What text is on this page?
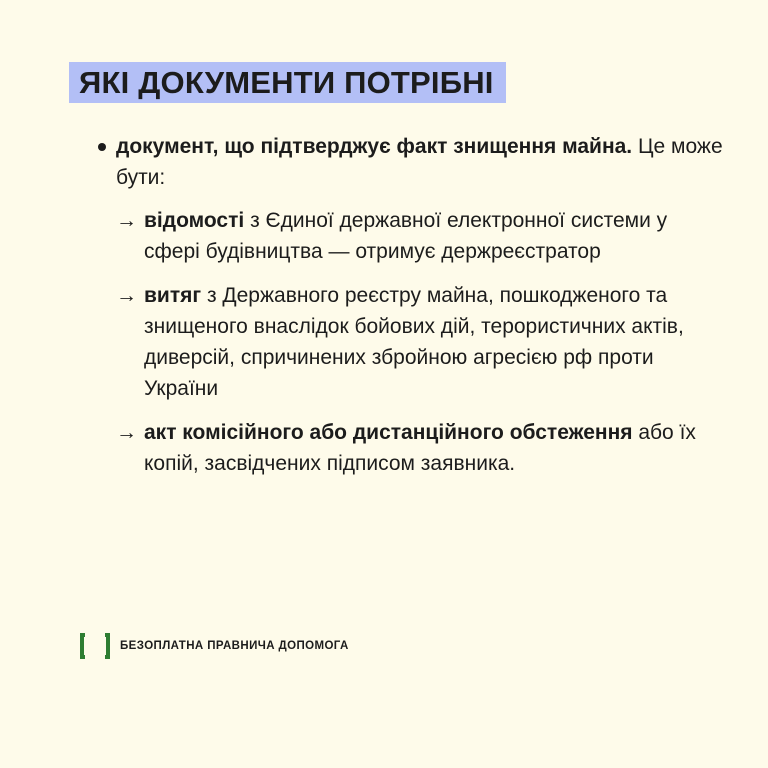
ЯКІ ДОКУМЕНТИ ПОТРІБНІ
документ, що підтверджує факт знищення майна. Це може бути:
→ відомості з Єдиної державної електронної системи у сфері будівництва — отримує держреєстратор
→ витяг з Державного реєстру майна, пошкодженого та знищеного внаслідок бойових дій, терористичних актів, диверсій, спричинених збройною агресією рф проти України
→ акт комісійного або дистанційного обстеження або їх копій, засвідчених підписом заявника.
БЕЗОПЛАТНА ПРАВНИЧА ДОПОМОГА
